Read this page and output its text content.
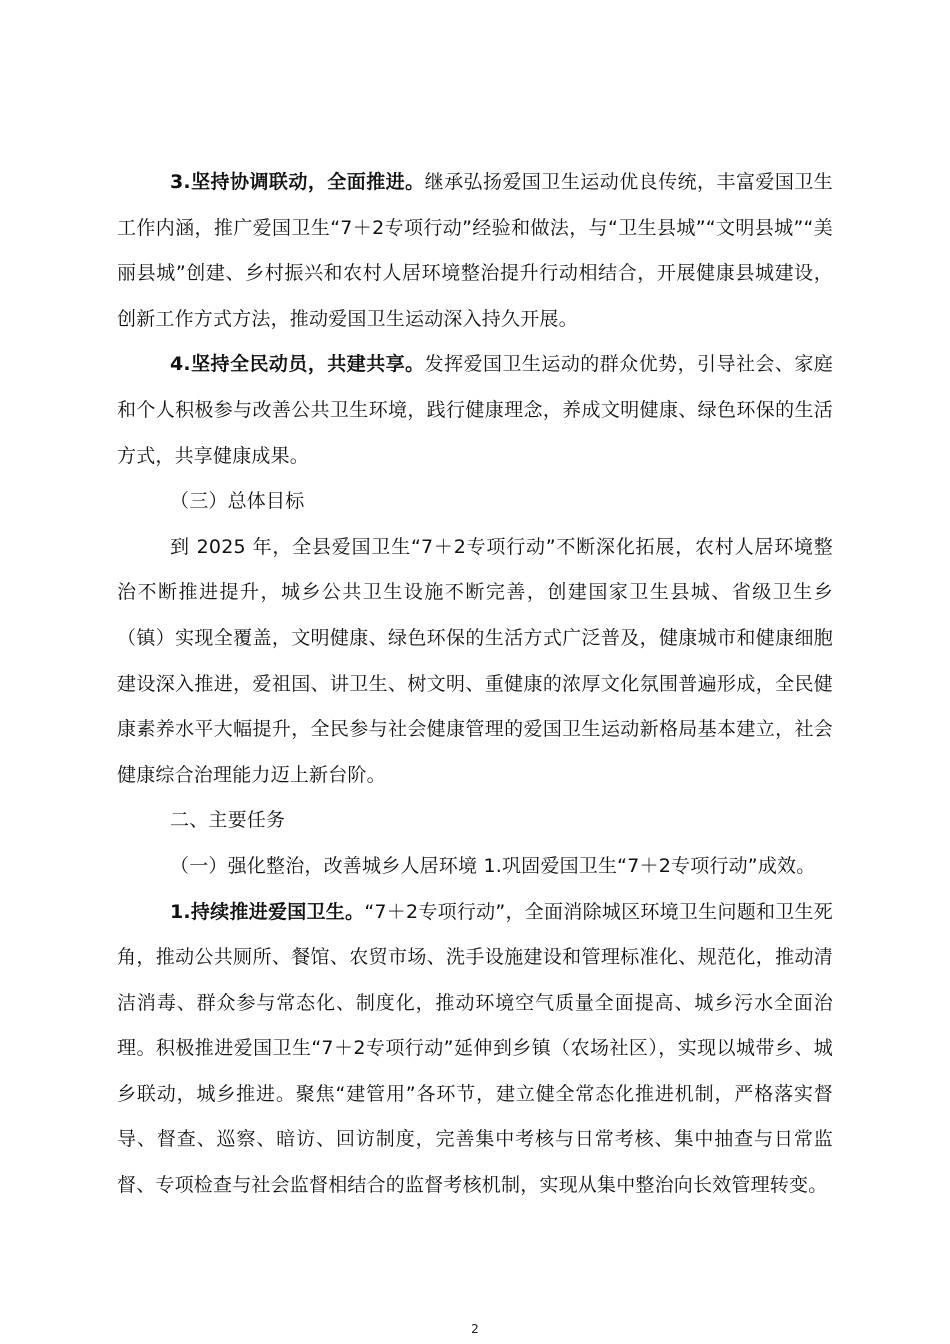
3.坚持协调联动，全面推进。继承弘扬爱国卫生运动优良传统，丰富爱国卫生工作内涵，推广爱国卫生“7＋2专项行动”经验和做法，与“卫生县城”“文明县城”“美丽县城”创建、乡村振兴和农村人居环境整治提升行动相结合，开展健康县城建设，创新工作方式方法，推动爱国卫生运动深入持久开展。

4.坚持全民动员，共建共享。发挥爱国卫生运动的群众优势，引导社会、家庭和个人积极参与改善公共卫生环境，践行健康理念，养成文明健康、绿色环保的生活方式，共享健康成果。

（三）总体目标

到 2025 年，全县爱国卫生“7＋2专项行动”不断深化拓展，农村人居环境整治不断推进提升，城乡公共卫生设施不断完善，创建国家卫生县城、省级卫生乡（镇）实现全覆盖，文明健康、绿色环保的生活方式广泛普及，健康城市和健康细胞建设深入推进，爱祖国、讲卫生、树文明、重健康的浓厚文化氛围普遍形成，全民健康素养水平大幅提升，全民参与社会健康管理的爱国卫生运动新格局基本建立，社会健康综合治理能力迈上新台阶。

二、主要任务

（一）强化整治，改善城乡人居环境 1.巩固爱国卫生“7＋2专项行动”成效。

1.持续推进爱国卫生。“7＋2专项行动”，全面消除城区环境卫生问题和卫生死角，推动公共厕所、餐馆、农贸市场、洗手设施建设和管理标准化、规范化，推动清洁消毒、群众参与常态化、制度化，推动环境空气质量全面提高、城乡污水全面治理。积极推进爱国卫生“7＋2专项行动”延伸到乡镇（农场社区），实现以城带乡、城乡联动，城乡推进。聚焦“建管用”各环节，建立健全常态化推进机制，严格落实督导、督查、巡察、暗访、回访制度，完善集中考核与日常考核、集中抽查与日常监督、专项检查与社会监督相结合的监督考核机制，实现从集中整治向长效管理转变。

2
